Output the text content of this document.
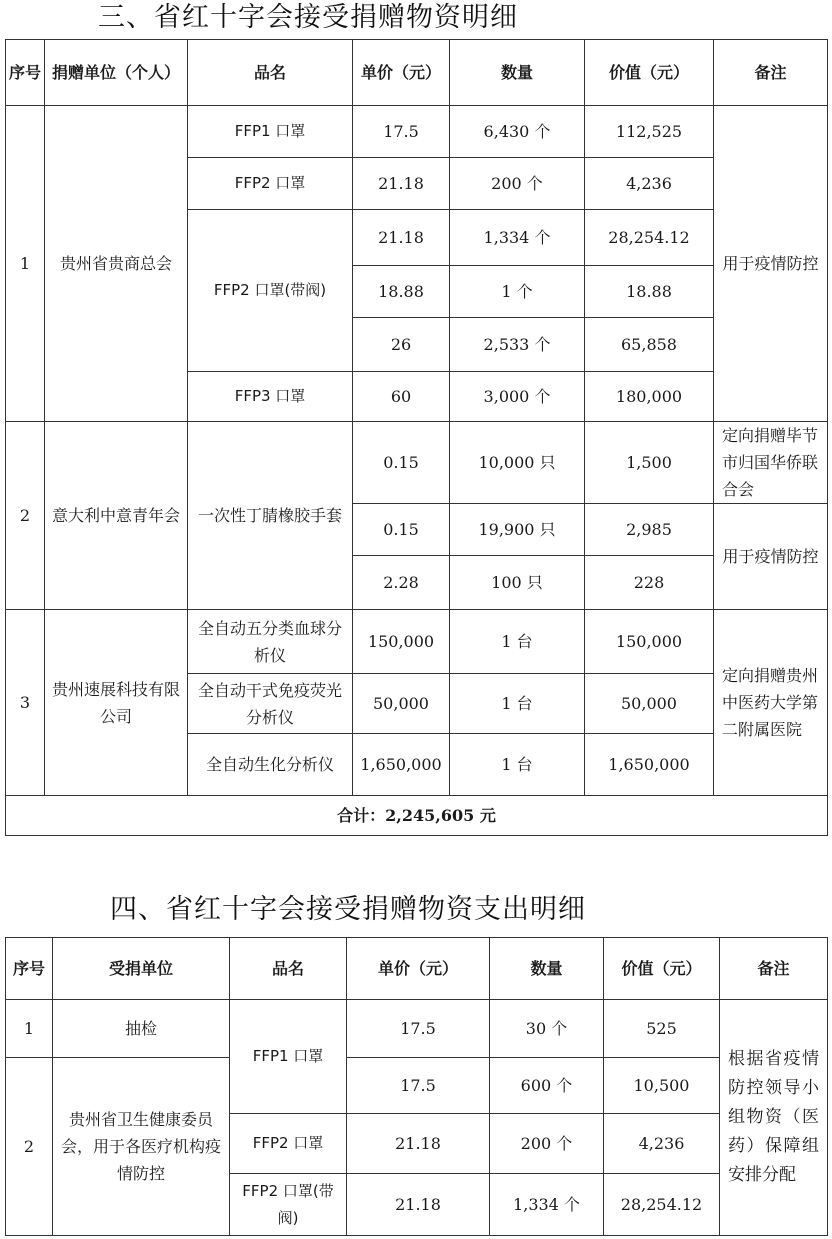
三、省红十字会接受捐赠物资明细
序号	捐赠单位（个人）	品名	单价（元）	数量	价值（元）	备注
1	贵州省贵商总会	FFP1 口罩	17.5	6,430 个	112,525	用于疫情防控
		FFP2 口罩	21.18	200 个	4,236	
		FFP2 口罩(带阀)	21.18	1,334 个	28,254.12	
			18.88	1 个	18.88	
			26	2,533 个	65,858	
		FFP3 口罩	60	3,000 个	180,000	
2	意大利中意青年会	一次性丁腈橡胶手套	0.15	10,000 只	1,500	定向捐赠毕节市归国华侨联合会
			0.15	19,900 只	2,985	用于疫情防控
			2.28	100 只	228	
3	贵州速展科技有限公司	全自动五分类血球分析仪	150,000	1 台	150,000	定向捐赠贵州中医药大学第二附属医院
		全自动干式免疫荧光分析仪	50,000	1 台	50,000	
		全自动生化分析仪	1,650,000	1 台	1,650,000	
合计：2,245,605 元						
四、省红十字会接受捐赠物资支出明细
序号	受捐单位	品名	单价（元）	数量	价值（元）	备注
1	抽检	FFP1 口罩	17.5	30 个	525	根据省疫情防控领导小组物资（医药）保障组安排分配
2	贵州省卫生健康委员会，用于各医疗机构疫情防控		17.5	600 个	10,500	
		FFP2 口罩	21.18	200 个	4,236	
		FFP2 口罩(带阀)	21.18	1,334 个	28,254.12	
